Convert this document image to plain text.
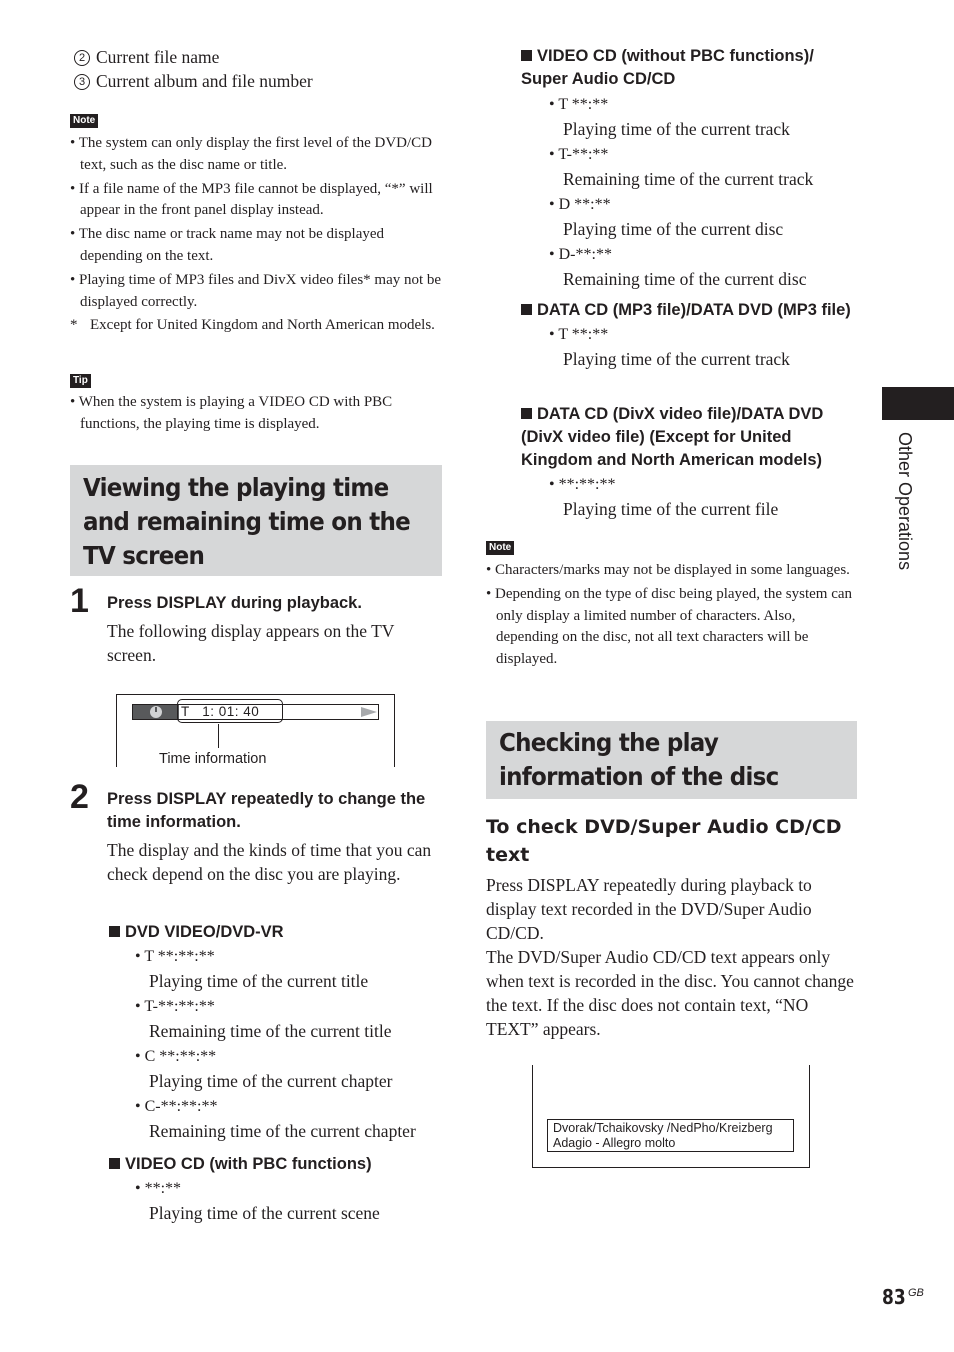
2 Current file name
3 Current album and file number
Note
• The system can only display the first level of the DVD/CD text, such as the disc name or title.
• If a file name of the MP3 file cannot be displayed, “*” will appear in the front panel display instead.
• The disc name or track name may not be displayed depending on the text.
• Playing time of MP3 files and DivX video files* may not be displayed correctly.
* Except for United Kingdom and North American models.
Tip
• When the system is playing a VIDEO CD with PBC functions, the playing time is displayed.
Viewing the playing time and remaining time on the TV screen
1 Press DISPLAY during playback.
The following display appears on the TV screen.
T   1: 01: 40
Time information
2 Press DISPLAY repeatedly to change the time information.
The display and the kinds of time that you can check depend on the disc you are playing.
DVD VIDEO/DVD-VR
• T **:**:**
Playing time of the current title
• T-**:**:**
Remaining time of the current title
• C **:**:**
Playing time of the current chapter
• C-**:**:**
Remaining time of the current chapter
VIDEO CD (with PBC functions)
• **:**
Playing time of the current scene
VIDEO CD (without PBC functions)/ Super Audio CD/CD
• T **:**
Playing time of the current track
• T-**:**
Remaining time of the current track
• D **:**
Playing time of the current disc
• D-**:**
Remaining time of the current disc
DATA CD (MP3 file)/DATA DVD (MP3 file)
• T **:**
Playing time of the current track
DATA CD (DivX video file)/DATA DVD (DivX video file) (Except for United Kingdom and North American models)
• **:**:**
Playing time of the current file
Note
• Characters/marks may not be displayed in some languages.
• Depending on the type of disc being played, the system can only display a limited number of characters. Also, depending on the disc, not all text characters will be displayed.
Checking the play information of the disc
To check DVD/Super Audio CD/CD text
Press DISPLAY repeatedly during playback to display text recorded in the DVD/Super Audio CD/CD.
The DVD/Super Audio CD/CD text appears only when text is recorded in the disc. You cannot change the text. If the disc does not contain text, “NO TEXT” appears.
Dvorak/Tchaikovsky /NedPho/Kreizberg
Adagio - Allegro molto
Other Operations
83 $^{GB}$
